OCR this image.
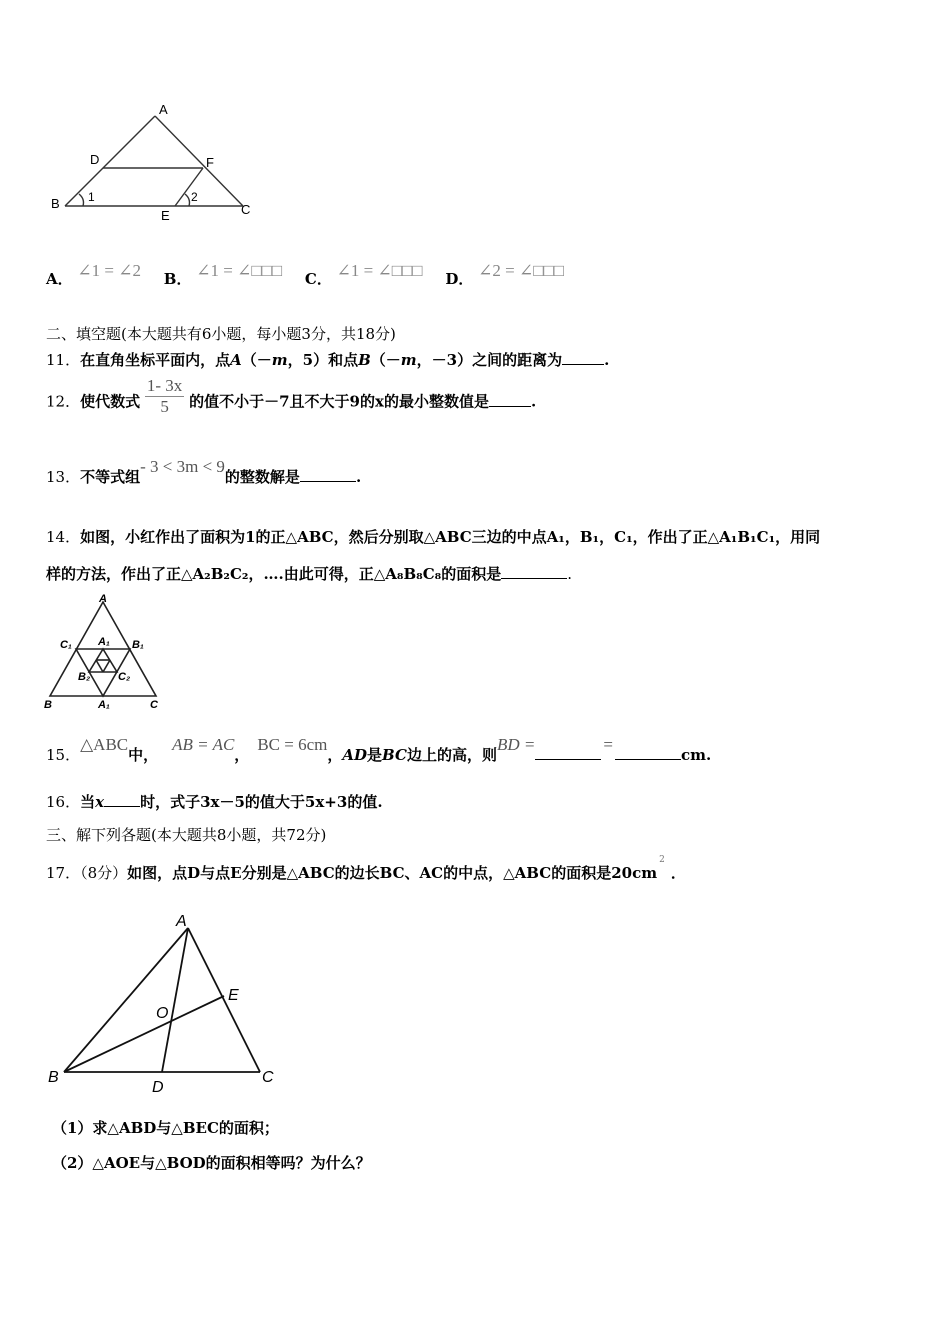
A
B	C
D
E
F
1	2
A． ∠1 = ∠2 B． ∠1 = ∠□□□ C． ∠1 = ∠□□□ D． ∠2 = ∠□□□
二、填空题(本大题共有6小题，每小题3分，共18分)
11．在直角坐标平面内，点A（－m，5）和点B（－m，－3）之间的距离为	.
12．使代数式 $\frac{1- 3x}{5}$ 的值不小于－7且不大于9的x的最小整数值是	.
13．不等式组- 3 < 3m < 9的整数解是	.
14．如图，小红作出了面积为1的正△ABC，然后分别取△ABC三边的中点A₁，B₁，C₁，作出了正△A₁B₁C₁，用同
样的方法，作出了正△A₂B₂C₂，….由此可得，正△A₈B₈C₈的面积是	.
A
B	C
C₁	B₁
A₁
B₂	C₂
A₁
15．△ABC中，AB = AC，BC = 6cm，AD是BC边上的高，则BD =	=cm.
16．当x 时，式子3x－5的值大于5x+3的值.
三、解下列各题(本大题共8小题，共72分)
17．（8分）如图，点D与点E分别是△ABC的边长BC、AC的中点，△ABC的面积是$20cm^2$．
A
B	C
D
E
O
（1）求△ABD与△BEC的面积；
（2）△AOE与△BOD的面积相等吗？为什么？
